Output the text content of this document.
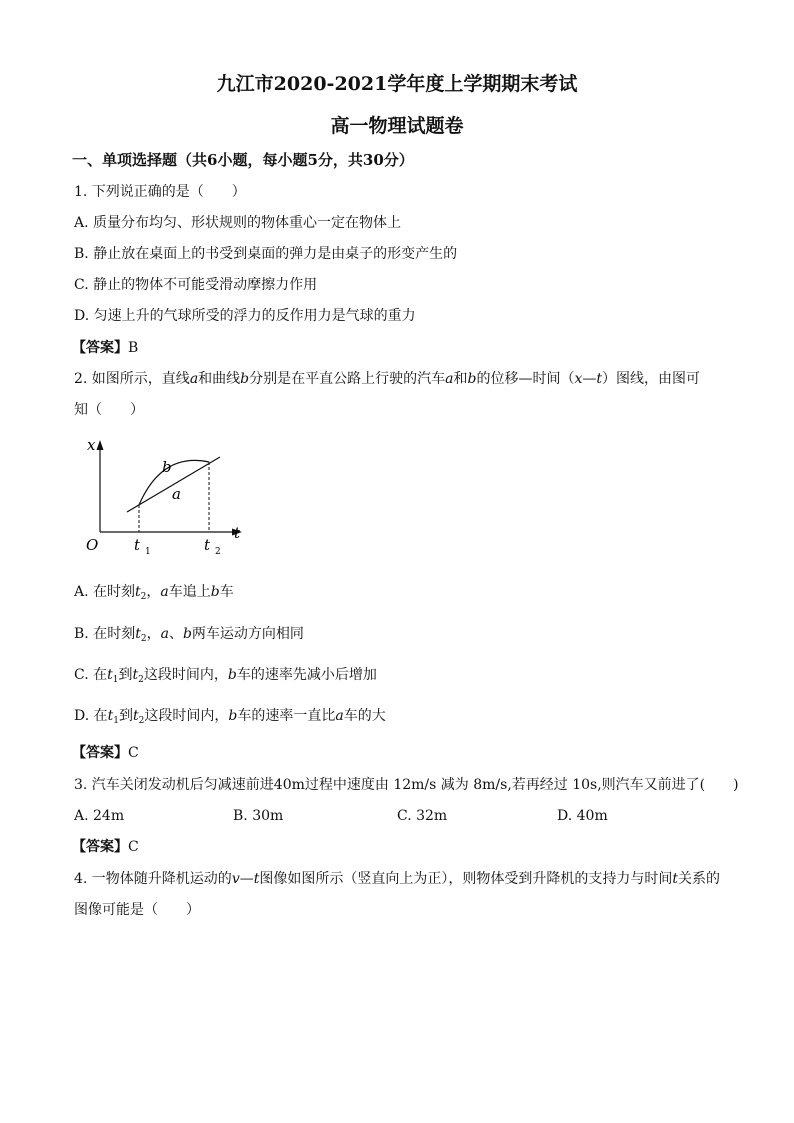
九江市2020-2021学年度上学期期末考试
高一物理试题卷
一、单项选择题（共6小题，每小题5分，共30分）
1. 下列说正确的是（　　）
A. 质量分布均匀、形状规则的物体重心一定在物体上
B. 静止放在桌面上的书受到桌面的弹力是由桌子的形变产生的
C. 静止的物体不可能受滑动摩擦力作用
D. 匀速上升的气球所受的浮力的反作用力是气球的重力
【答案】B
2. 如图所示，直线a和曲线b分别是在平直公路上行驶的汽车a和b的位移—时间（x—t）图线，由图可
知（　　）
x
t
O
b
a
t 1	t 2
A. 在时刻$t_2$，a车追上b车
B. 在时刻$t_2$，a、b两车运动方向相同
C. 在$t_1$到$t_2$这段时间内，b车的速率先减小后增加
D. 在$t_1$到$t_2$这段时间内，b车的速率一直比a车的大
【答案】C
3. 汽车关闭发动机后匀减速前进40m过程中速度由 12m/s 减为 8m/s,若再经过 10s,则汽车又前进了(　　)
A. 24m	B. 30m	C. 32m	D. 40m
【答案】C
4. 一物体随升降机运动的v—t图像如图所示（竖直向上为正），则物体受到升降机的支持力与时间t关系的
图像可能是（　　）
